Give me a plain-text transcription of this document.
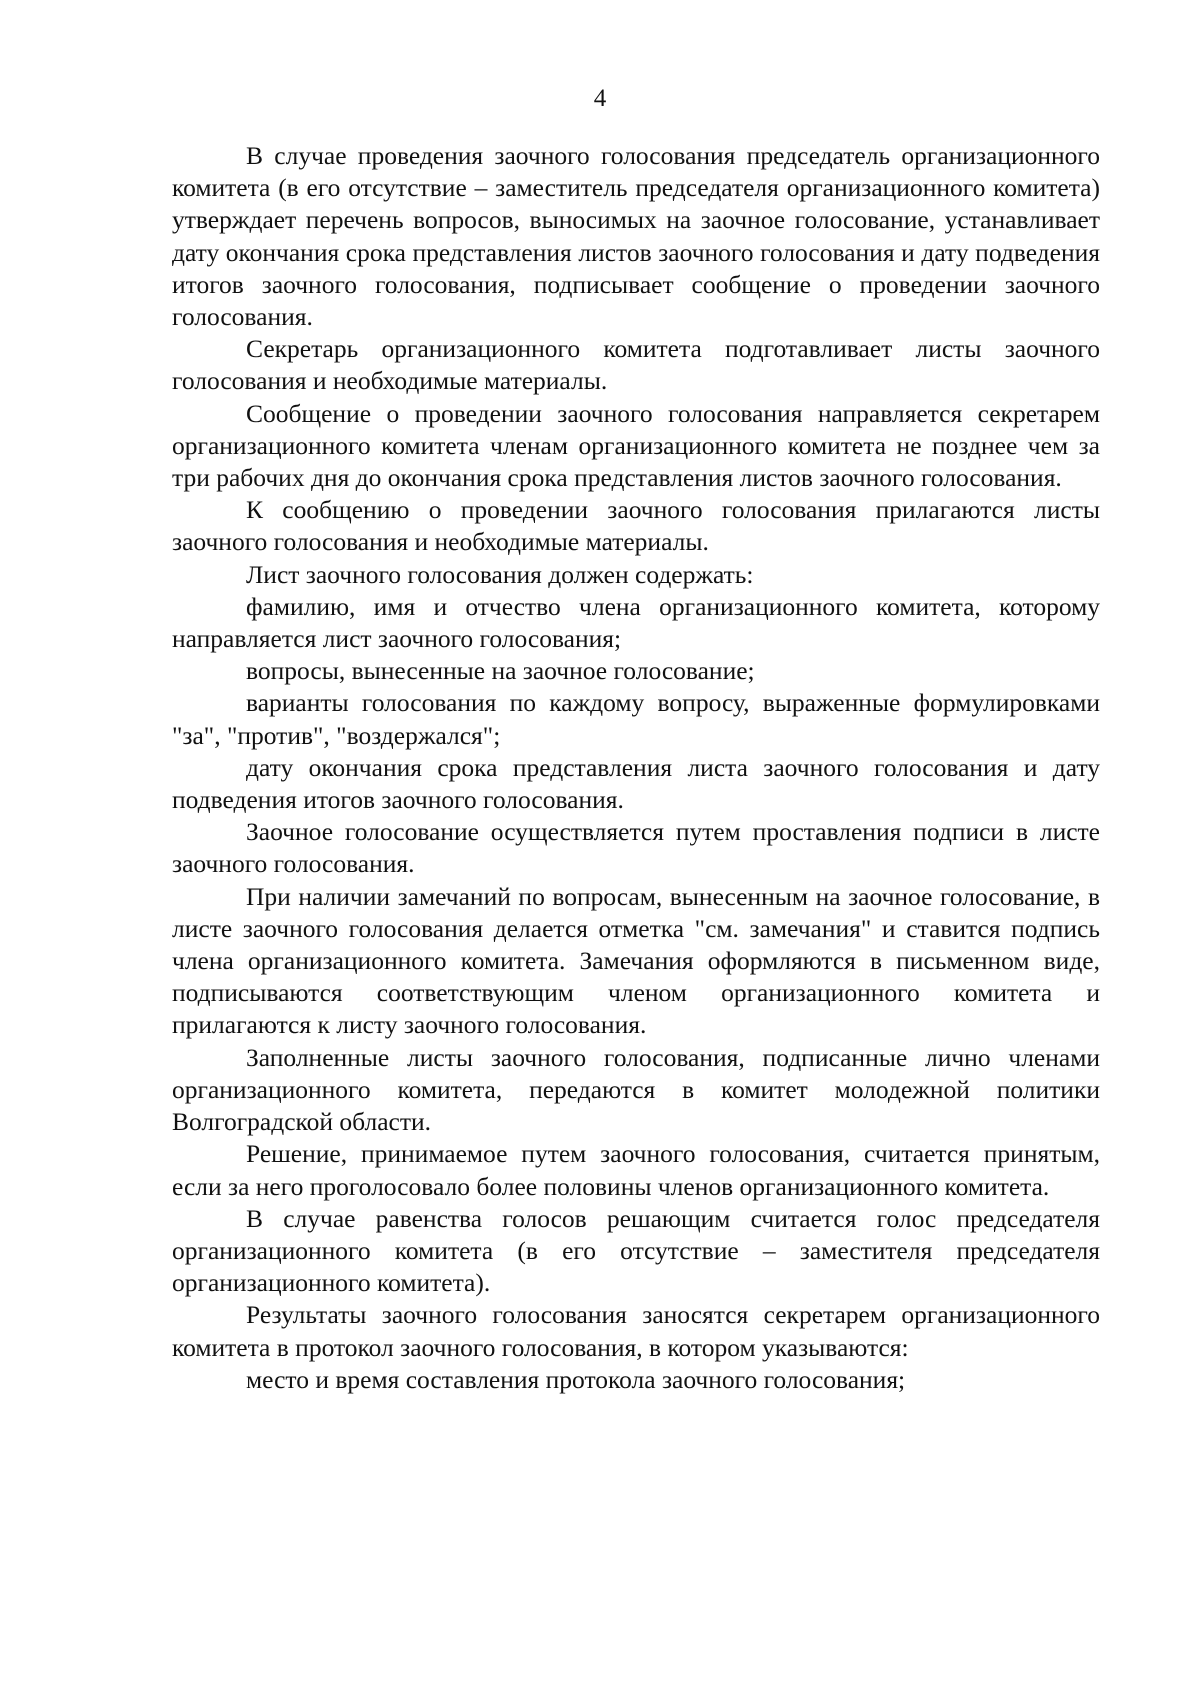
4

В случае проведения заочного голосования председатель организационного комитета (в его отсутствие – заместитель председателя организационного комитета) утверждает перечень вопросов, выносимых на заочное голосование, устанавливает дату окончания срока представления листов заочного голосования и дату подведения итогов заочного голосования, подписывает сообщение о проведении заочного голосования.

Секретарь организационного комитета подготавливает листы заочного голосования и необходимые материалы.

Сообщение о проведении заочного голосования направляется секретарем организационного комитета членам организационного комитета не позднее чем за три рабочих дня до окончания срока представления листов заочного голосования.

К сообщению о проведении заочного голосования прилагаются листы заочного голосования и необходимые материалы.

Лист заочного голосования должен содержать:

фамилию, имя и отчество члена организационного комитета, которому направляется лист заочного голосования;

вопросы, вынесенные на заочное голосование;

варианты голосования по каждому вопросу, выраженные формулировками "за", "против", "воздержался";

дату окончания срока представления листа заочного голосования и дату подведения итогов заочного голосования.

Заочное голосование осуществляется путем проставления подписи в листе заочного голосования.

При наличии замечаний по вопросам, вынесенным на заочное голосование, в листе заочного голосования делается отметка "см. замечания" и ставится подпись члена организационного комитета. Замечания оформляются в письменном виде, подписываются соответствующим членом организационного комитета и прилагаются к листу заочного голосования.

Заполненные листы заочного голосования, подписанные лично членами организационного комитета, передаются в комитет молодежной политики Волгоградской области.

Решение, принимаемое путем заочного голосования, считается принятым, если за него проголосовало более половины членов организационного комитета.

В случае равенства голосов решающим считается голос председателя организационного комитета (в его отсутствие – заместителя председателя организационного комитета).

Результаты заочного голосования заносятся секретарем организационного комитета в протокол заочного голосования, в котором указываются:

место и время составления протокола заочного голосования;
